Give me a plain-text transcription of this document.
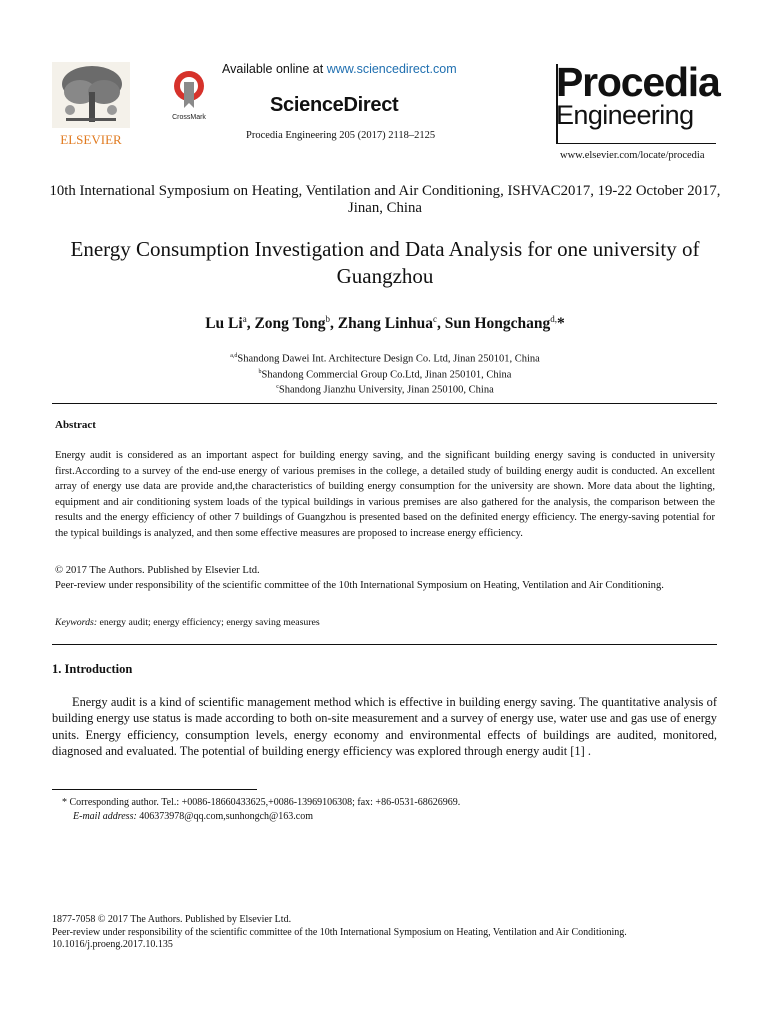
ELSEVIER
CrossMark
Available online at www.sciencedirect.com
ScienceDirect
Procedia Engineering 205 (2017) 2118–2125
Procedia
Engineering
www.elsevier.com/locate/procedia
10th International Symposium on Heating, Ventilation and Air Conditioning, ISHVAC2017, 19-22 October 2017, Jinan, China
Energy Consumption Investigation and Data Analysis for one university of Guangzhou
Lu Li$^a$, Zong Tong$^b$, Zhang Linhua$^c$, Sun Hongchang$^{d,}$*
$^{a,d}$Shandong Dawei Int. Architecture Design Co. Ltd, Jinan 250101, China
$^b$Shandong Commercial Group Co.Ltd, Jinan 250101, China
$^c$Shandong Jianzhu University, Jinan 250100, China
Abstract
Energy audit is considered as an important aspect for building energy saving, and the significant building energy saving is conducted in university first.According to a survey of the end-use energy of various premises in the college, a detailed study of building energy audit is conducted. An excellent array of energy use data are provide and,the characteristics of building energy consumption for the university are shown. More data about the lighting, equipment and air conditioning system loads of the typical buildings in various premises are also gathered for the analysis, the comparison between the results and the energy efficiency of other 7 buildings of Guangzhou is presented based on the definited energy efficiency. The energy-saving potential for the typical buildings is analyzed, and then some effective measures are proposed to increase energy efficiency.
© 2017 The Authors. Published by Elsevier Ltd.
Peer-review under responsibility of the scientific committee of the 10th International Symposium on Heating, Ventilation and Air Conditioning.
Keywords: energy audit; energy efficiency; energy saving measures
1. Introduction
Energy audit is a kind of scientific management method which is effective in building energy saving. The quantitative analysis of building energy use status is made according to both on-site measurement and a survey of energy use, water use and gas use of energy units. Energy efficiency, consumption levels, energy economy and environmental effects of buildings are audited, monitored, diagnosed and evaluated. The potential of building energy efficiency was explored through energy audit [1] .
* Corresponding author. Tel.: +0086-18660433625,+0086-13969106308; fax: +86-0531-68626969.
E-mail address: 406373978@qq.com,sunhongch@163.com
1877-7058 © 2017 The Authors. Published by Elsevier Ltd.
Peer-review under responsibility of the scientific committee of the 10th International Symposium on Heating, Ventilation and Air Conditioning.
10.1016/j.proeng.2017.10.135
